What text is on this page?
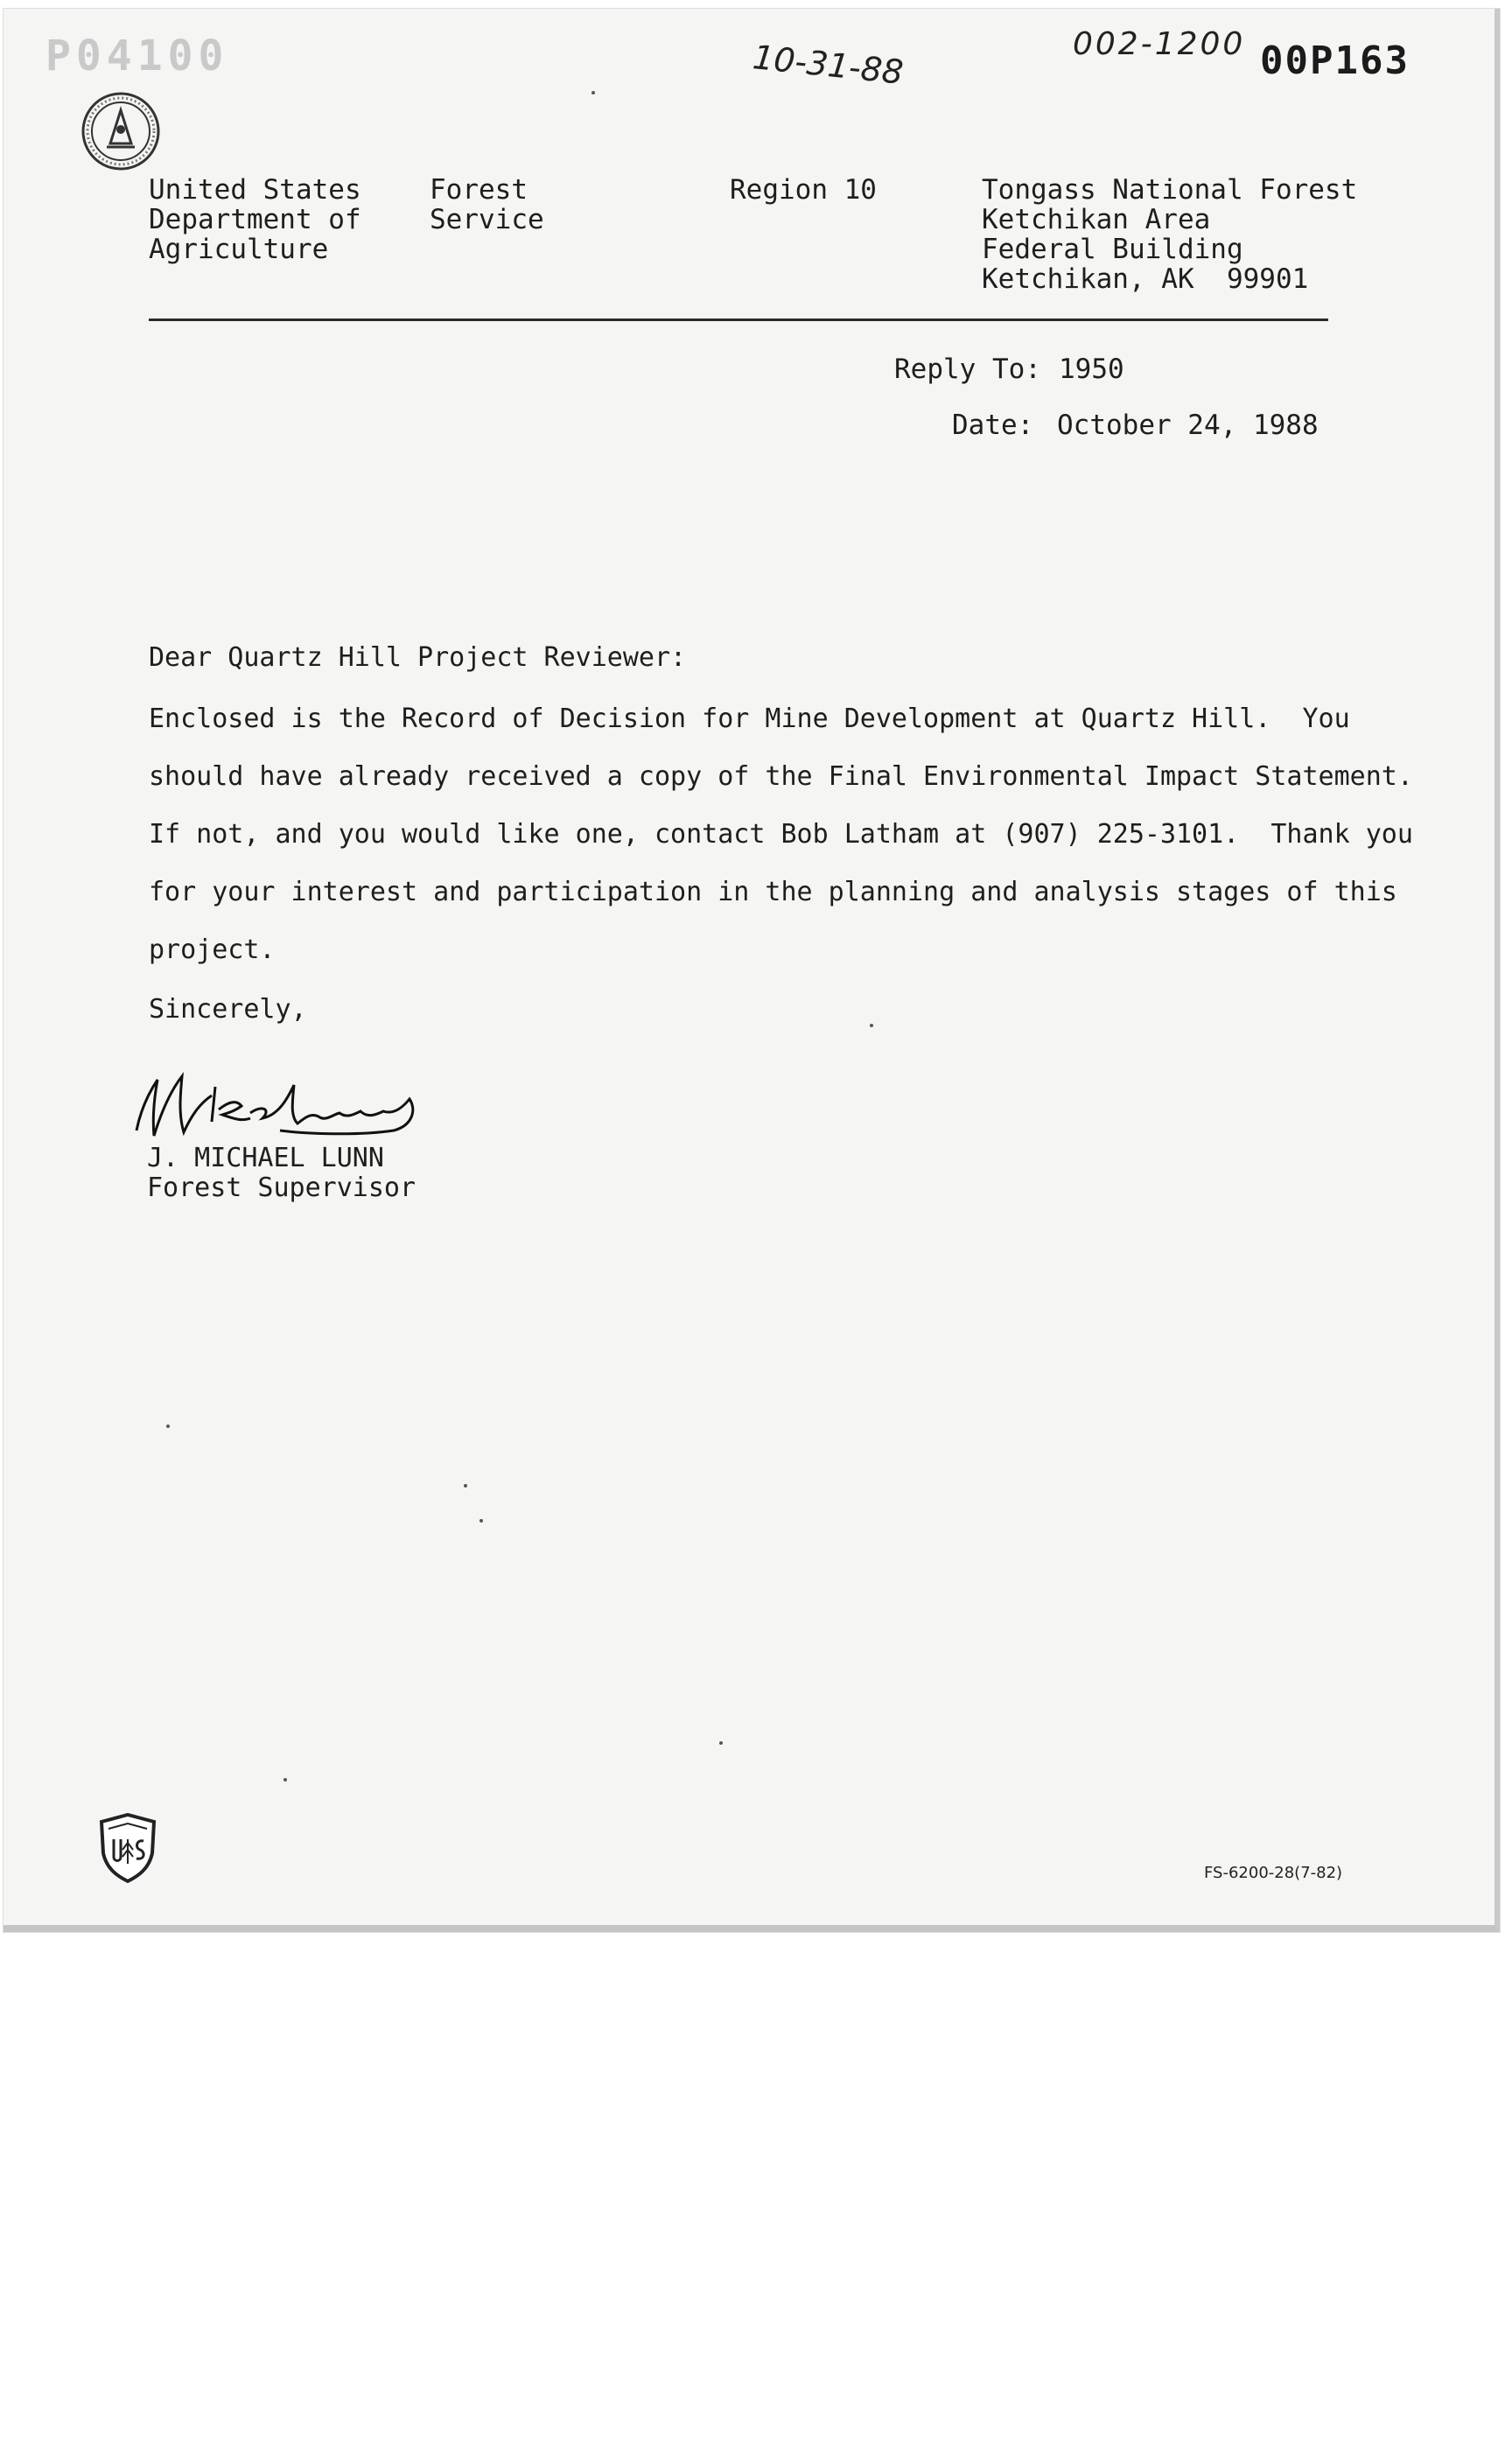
P04100	10-31-88	002-1200 00P163
United States
Department of
Agriculture
Forest
Service
Region 10	Tongass National Forest
Ketchikan Area
Federal Building
Ketchikan, AK  99901
Reply To: 1950
Date: October 24, 1988
Dear Quartz Hill Project Reviewer:
Enclosed is the Record of Decision for Mine Development at Quartz Hill.  You
should have already received a copy of the Final Environmental Impact Statement.
If not, and you would like one, contact Bob Latham at (907) 225-3101.  Thank you
for your interest and participation in the planning and analysis stages of this
project.
Sincerely,
J. MICHAEL LUNN
Forest Supervisor
FS-6200-28(7-82)
